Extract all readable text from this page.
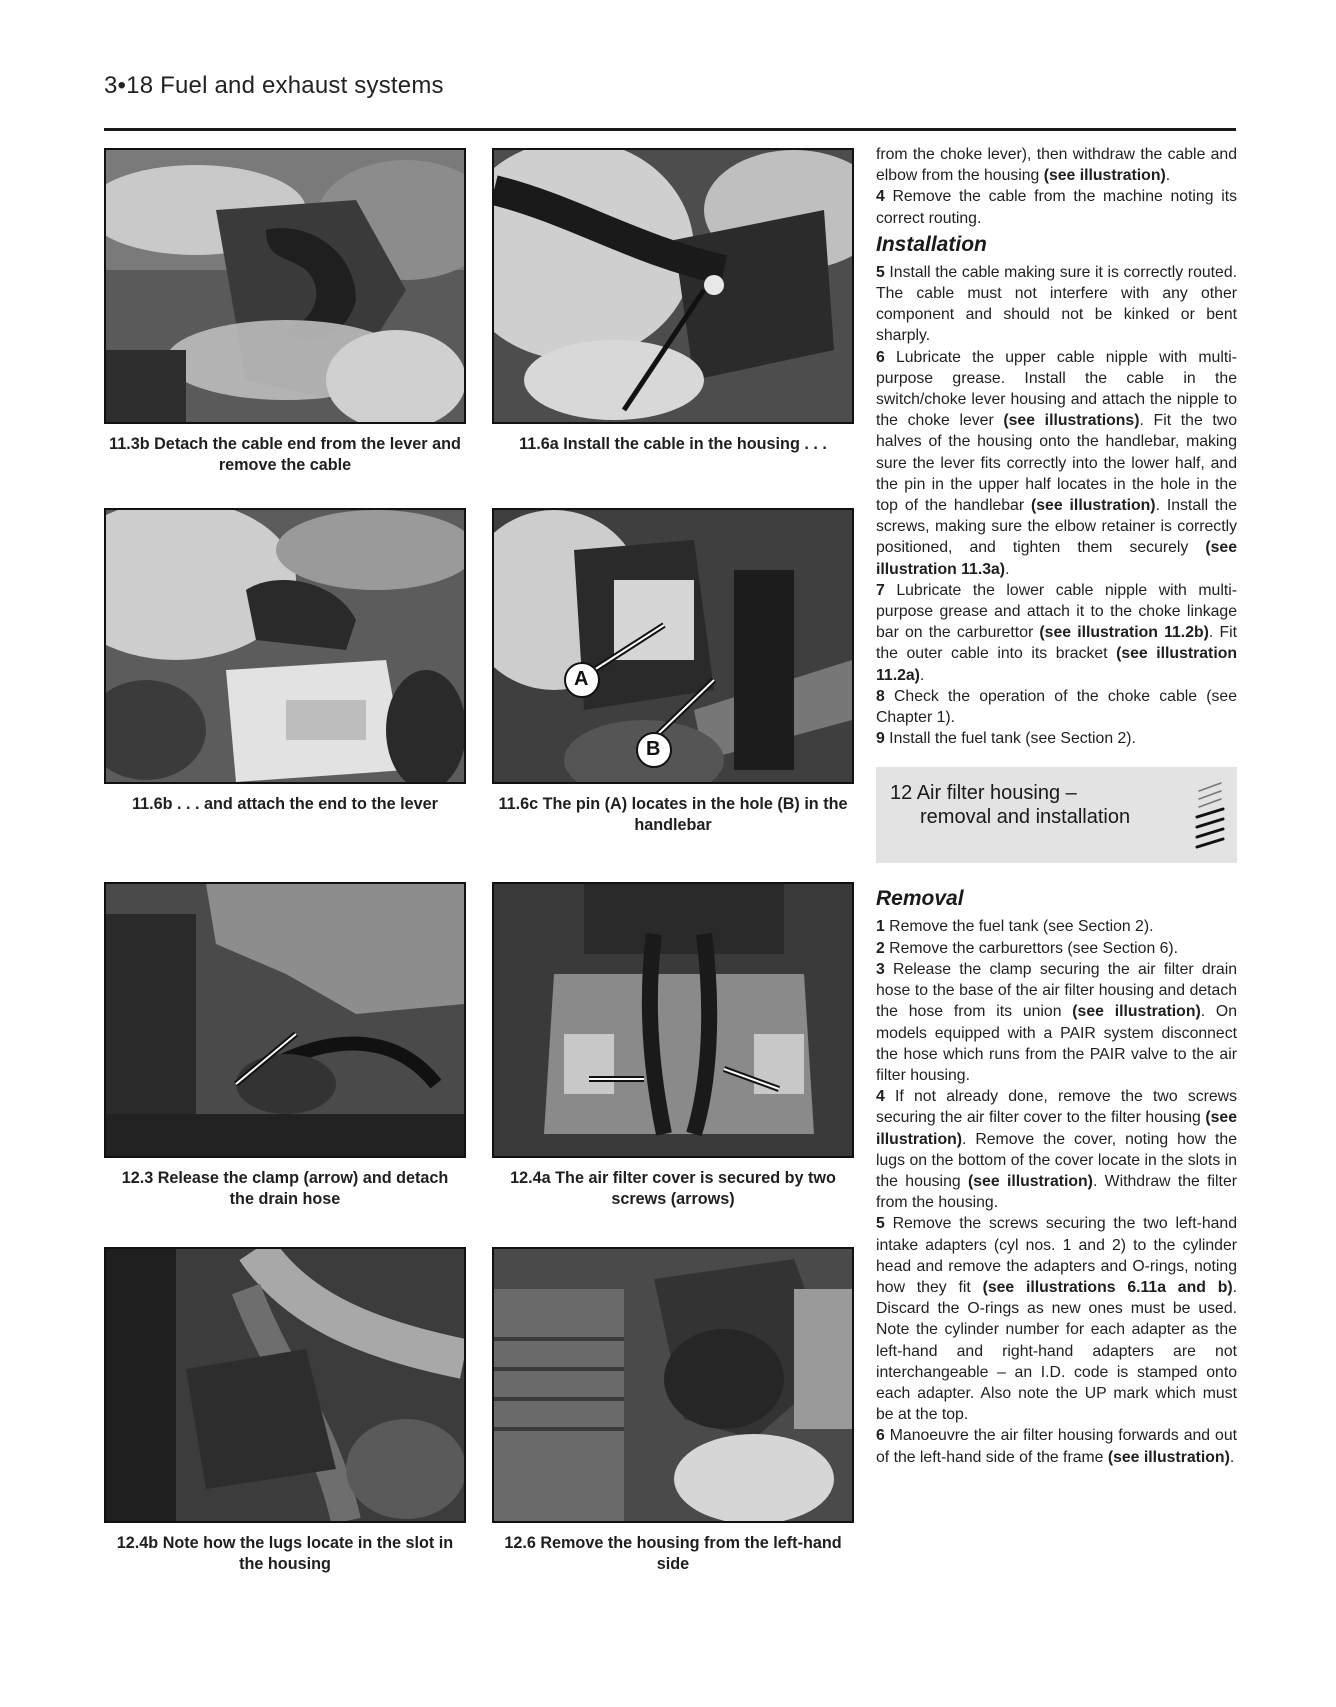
3•18 Fuel and exhaust systems
11.3b Detach the cable end from the lever and remove the cable
11.6a Install the cable in the housing . . .
11.6b . . . and attach the end to the lever
A
B
11.6c The pin (A) locates in the hole (B) in the handlebar
12.3 Release the clamp (arrow) and detach the drain hose
12.4a The air filter cover is secured by two screws (arrows)
12.4b Note how the lugs locate in the slot in the housing
12.6 Remove the housing from the left-hand side

from the choke lever), then withdraw the cable and elbow from the housing (see illustration).

4 Remove the cable from the machine noting its correct routing.

Installation

5 Install the cable making sure it is correctly routed. The cable must not interfere with any other component and should not be kinked or bent sharply.

6 Lubricate the upper cable nipple with multi-purpose grease. Install the cable in the switch/choke lever housing and attach the nipple to the choke lever (see illustrations). Fit the two halves of the housing onto the handlebar, making sure the lever fits correctly into the lower half, and the pin in the upper half locates in the hole in the top of the handlebar (see illustration). Install the screws, making sure the elbow retainer is correctly positioned, and tighten them securely (see illustration 11.3a).

7 Lubricate the lower cable nipple with multi-purpose grease and attach it to the choke linkage bar on the carburettor (see illustration 11.2b). Fit the outer cable into its bracket (see illustration 11.2a).

8 Check the operation of the choke cable (see Chapter 1).

9 Install the fuel tank (see Section 2).

12 Air filter housing –
removal and installation
Removal

1 Remove the fuel tank (see Section 2).

2 Remove the carburettors (see Section 6).

3 Release the clamp securing the air filter drain hose to the base of the air filter housing and detach the hose from its union (see illustration). On models equipped with a PAIR system disconnect the hose which runs from the PAIR valve to the air filter housing.

4 If not already done, remove the two screws securing the air filter cover to the filter housing (see illustration). Remove the cover, noting how the lugs on the bottom of the cover locate in the slots in the housing (see illustration). Withdraw the filter from the housing.

5 Remove the screws securing the two left-hand intake adapters (cyl nos. 1 and 2) to the cylinder head and remove the adapters and O-rings, noting how they fit (see illustrations 6.11a and b). Discard the O-rings as new ones must be used. Note the cylinder number for each adapter as the left-hand and right-hand adapters are not interchangeable – an I.D. code is stamped onto each adapter. Also note the UP mark which must be at the top.

6 Manoeuvre the air filter housing forwards and out of the left-hand side of the frame (see illustration).
